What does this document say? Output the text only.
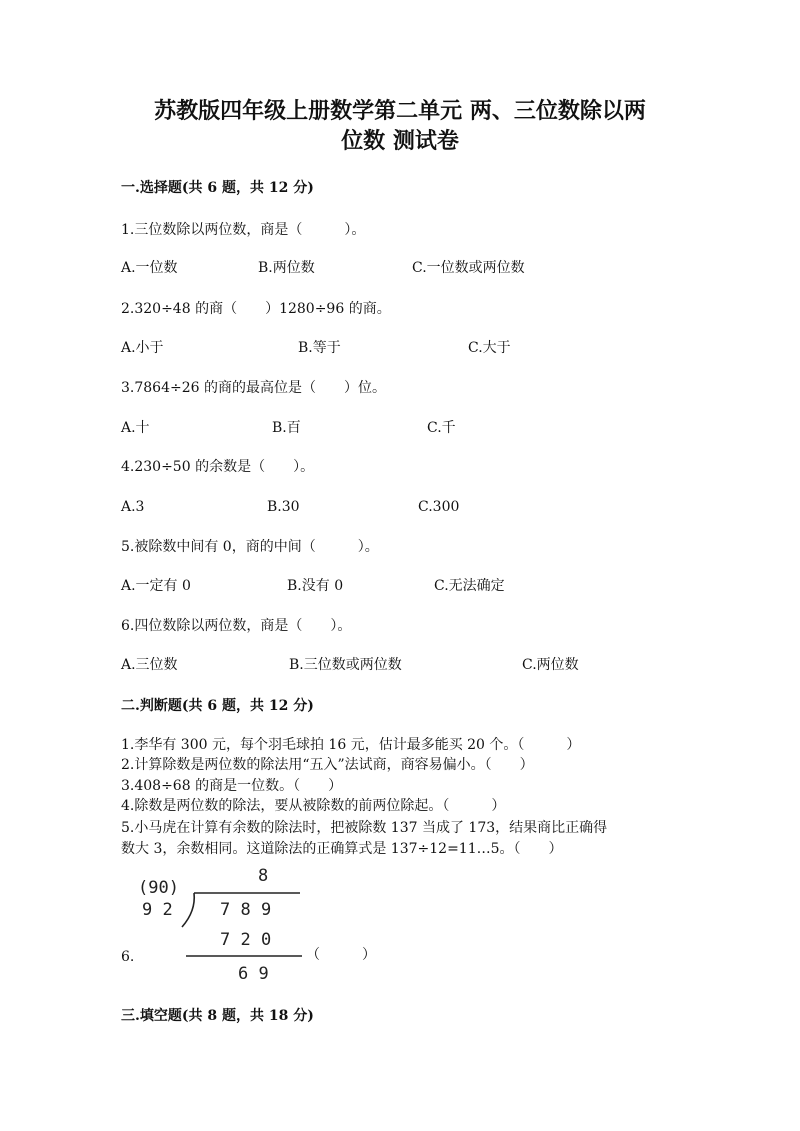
苏教版四年级上册数学第二单元 两、三位数除以两
位数 测试卷
一.选择题(共 6 题，共 12 分)
1.三位数除以两位数，商是（　　　）。
A.一位数	B.两位数	C.一位数或两位数
2.320÷48 的商（　　）1280÷96 的商。
A.小于	B.等于	C.大于
3.7864÷26 的商的最高位是（　　）位。
A.十	B.百	C.千
4.230÷50 的余数是（　　）。
A.3	B.30	C.300
5.被除数中间有 0，商的中间（　　　）。
A.一定有 0	B.没有 0	C.无法确定
6.四位数除以两位数，商是（　　）。
A.三位数	B.三位数或两位数	C.两位数
二.判断题(共 6 题，共 12 分)
1.李华有 300 元，每个羽毛球拍 16 元，估计最多能买 20 个。（　　　）
2.计算除数是两位数的除法用“五入”法试商，商容易偏小。（　　）
3.408÷68 的商是一位数。（　　）
4.除数是两位数的除法，要从被除数的前两位除起。（　　　）
5.小马虎在计算有余数的除法时，把被除数 137 当成了 173，结果商比正确得
数大 3，余数相同。这道除法的正确算式是 137÷12=11…5。（　　）
6.	（　　　）
(90)
8
9 2	7 8 9
7 2 0
6 9
三.填空题(共 8 题，共 18 分)
